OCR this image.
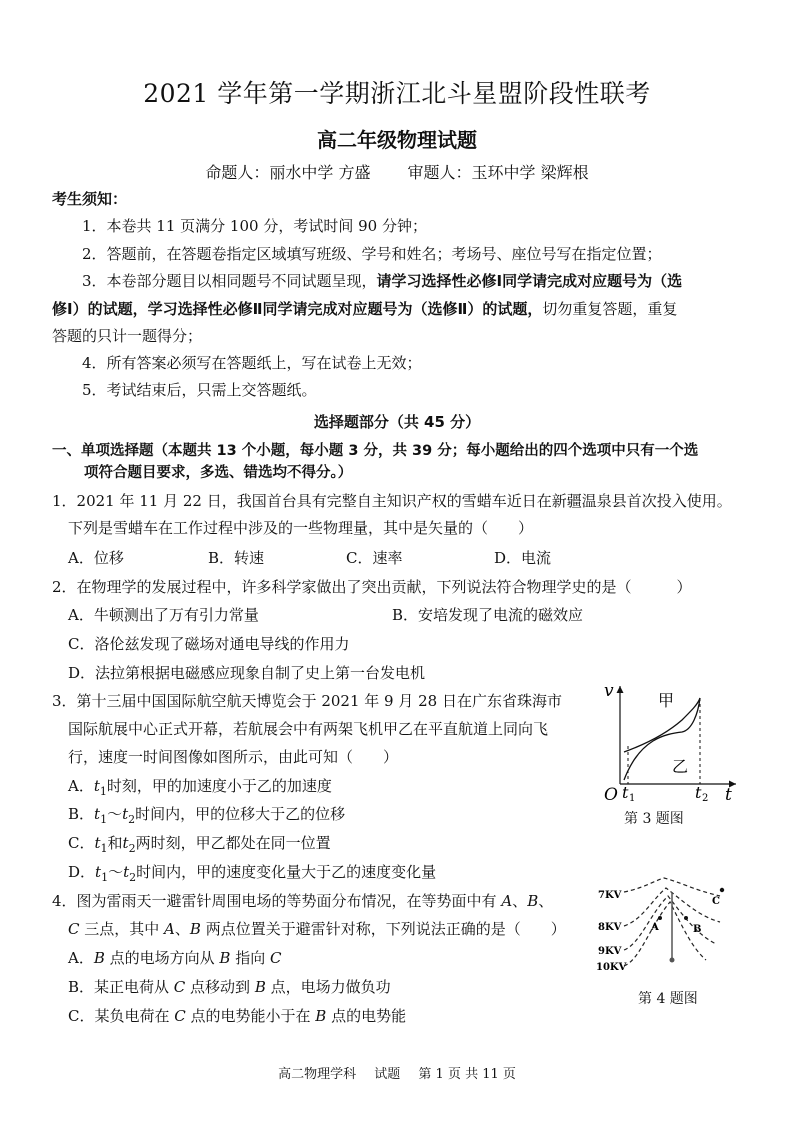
2021 学年第一学期浙江北斗星盟阶段性联考
高二年级物理试题
命题人：丽水中学 方盛 审题人：玉环中学 梁辉根
考生须知：
1．本卷共 11 页满分 100 分，考试时间 90 分钟；
2．答题前，在答题卷指定区域填写班级、学号和姓名；考场号、座位号写在指定位置；
3．本卷部分题目以相同题号不同试题呈现，请学习选择性必修Ⅰ同学请完成对应题号为（选
修Ⅰ）的试题，学习选择性必修Ⅱ同学请完成对应题号为（选修Ⅱ）的试题，切勿重复答题，重复
答题的只计一题得分；
4．所有答案必须写在答题纸上，写在试卷上无效；
5．考试结束后，只需上交答题纸。
选择题部分（共 45 分）
一、单项选择题（本题共 13 个小题，每小题 3 分，共 39 分；每小题给出的四个选项中只有一个选
项符合题目要求，多选、错选均不得分。）
1．2021 年 11 月 22 日，我国首台具有完整自主知识产权的雪蜡车近日在新疆温泉县首次投入使用。
下列是雪蜡车在工作过程中涉及的一些物理量，其中是矢量的（　　）
A．位移	B．转速	C．速率	D．电流
2．在物理学的发展过程中，许多科学家做出了突出贡献，下列说法符合物理学史的是（　　　）
A．牛顿测出了万有引力常量	B．安培发现了电流的磁效应
C．洛伦兹发现了磁场对通电导线的作用力
D．法拉第根据电磁感应现象自制了史上第一台发电机
3．第十三届中国国际航空航天博览会于 2021 年 9 月 28 日在广东省珠海市
国际航展中心正式开幕，若航展会中有两架飞机甲乙在平直航道上同向飞
行，速度一时间图像如图所示，由此可知（　　）
A．$t_1$时刻，甲的加速度小于乙的加速度
B．$t_1\sim t_2$时间内，甲的位移大于乙的位移
C．$t_1$和$t_2$两时刻，甲乙都处在同一位置
D．$t_1\sim t_2$时间内，甲的速度变化量大于乙的速度变化量
v
t
O
甲
乙
t 1	t 2
第 3 题图
4．图为雷雨天一避雷针周围电场的等势面分布情况，在等势面中有 A、B、
C 三点，其中 A、B 两点位置关于避雷针对称，下列说法正确的是（　　）
A．B 点的电场方向从 B 指向 C
B．某正电荷从 C 点移动到 B 点，电场力做负功
C．某负电荷在 C 点的电势能小于在 B 点的电势能
7KV
8KV
9KV
10KV
A	B
C
第 4 题图
高二物理学科 试题 第 1 页 共 11 页
